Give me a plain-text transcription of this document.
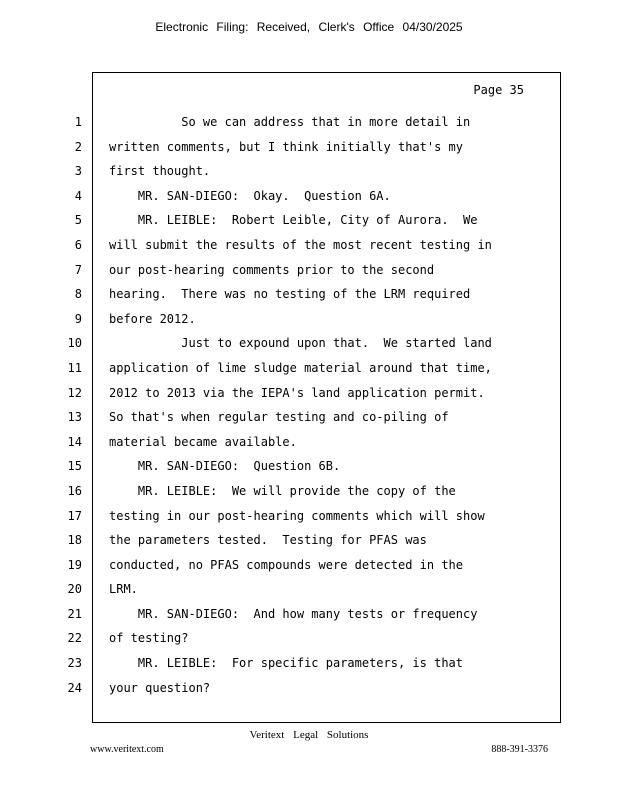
Electronic Filing: Received, Clerk's Office 04/30/2025
Page 35
1
2
3
4
5
6
7
8
9
10
11
12
13
14
15
16
17
18
19
20
21
22
23
24
So we can address that in more detail in
written comments, but I think initially that's my
first thought.
MR. SAN-DIEGO:  Okay.  Question 6A.
MR. LEIBLE:  Robert Leible, City of Aurora.  We
will submit the results of the most recent testing in
our post-hearing comments prior to the second
hearing.  There was no testing of the LRM required
before 2012.
Just to expound upon that.  We started land
application of lime sludge material around that time,
2012 to 2013 via the IEPA's land application permit.
So that's when regular testing and co-piling of
material became available.
MR. SAN-DIEGO:  Question 6B.
MR. LEIBLE:  We will provide the copy of the
testing in our post-hearing comments which will show
the parameters tested.  Testing for PFAS was
conducted, no PFAS compounds were detected in the
LRM.
MR. SAN-DIEGO:  And how many tests or frequency
of testing?
MR. LEIBLE:  For specific parameters, is that
your question?
Veritext Legal Solutions
www.veritext.com	888-391-3376
